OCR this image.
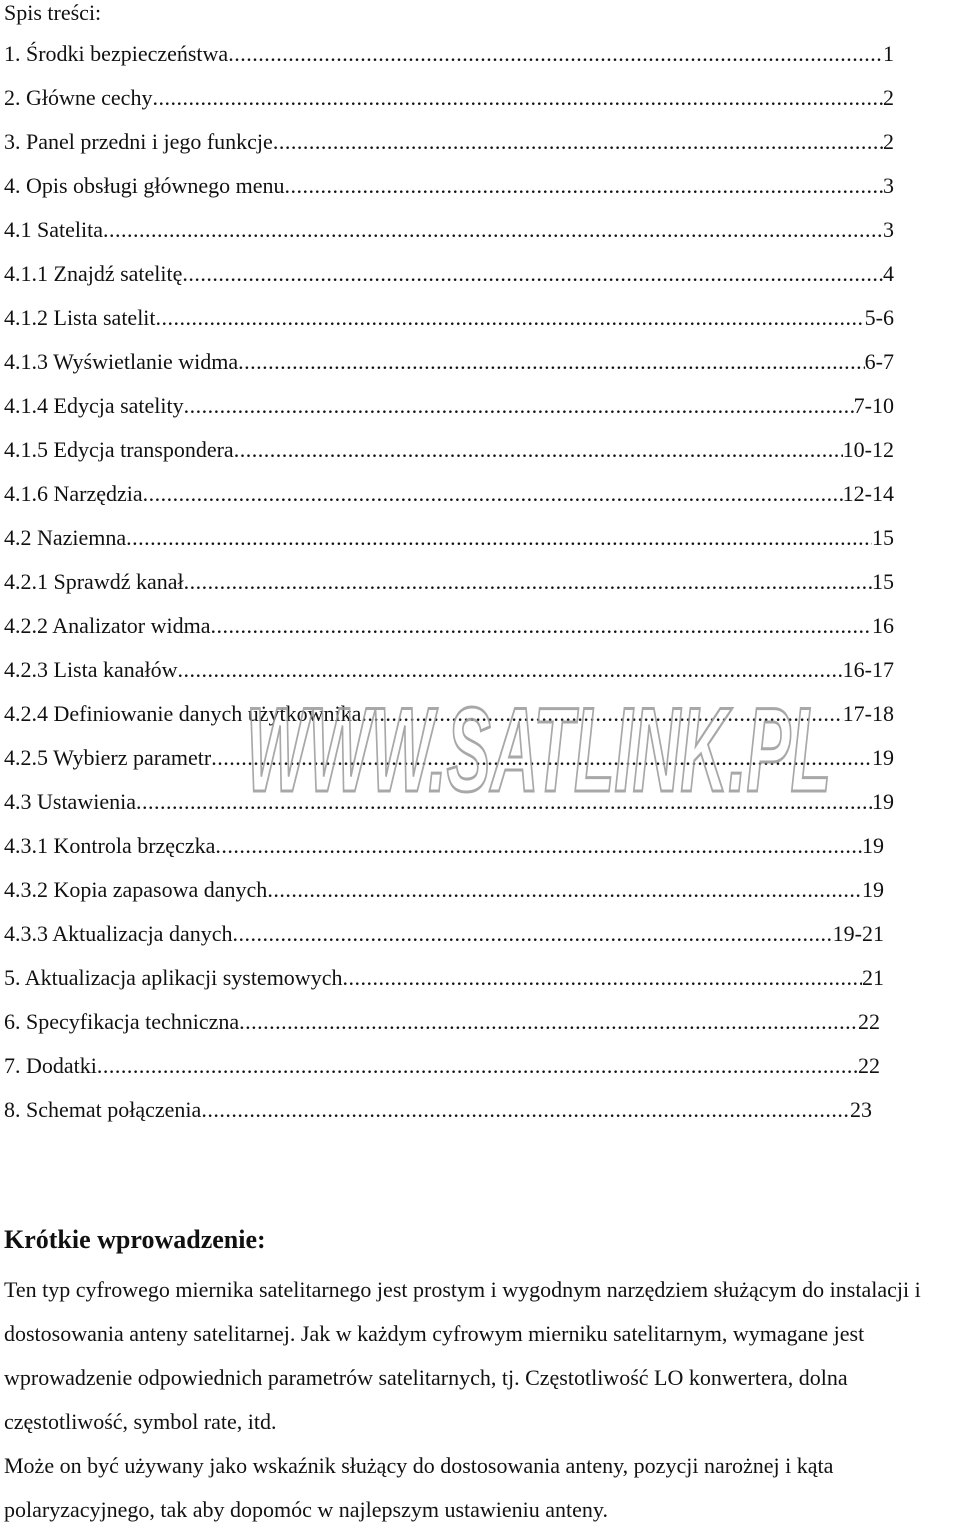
Spis treści:
1. Środki bezpieczeństwa .....	1
2. Główne cechy .....	2
3. Panel przedni i jego funkcje .....	2
4. Opis obsługi głównego menu .....	3
4.1 Satelita .....	3
4.1.1 Znajdź satelitę .....	4
4.1.2 Lista satelit .....	5-6
4.1.3 Wyświetlanie widma .....	6-7
4.1.4 Edycja satelity .....	7-10
4.1.5 Edycja transpondera .....	10-12
4.1.6 Narzędzia .....	12-14
4.2 Naziemna .....	15
4.2.1 Sprawdź kanał .....	15
4.2.2 Analizator widma .....	16
4.2.3 Lista kanałów .....	16-17
4.2.4 Definiowanie danych użytkownika .....	17-18
4.2.5 Wybierz parametr .....	19
4.3 Ustawienia .....	19
4.3.1 Kontrola brzęczka .....	19
4.3.2 Kopia zapasowa danych .....	19
4.3.3 Aktualizacja danych .....	19-21
5. Aktualizacja aplikacji systemowych .....	21
6. Specyfikacja techniczna .....	22
7. Dodatki .....	22
8. Schemat połączenia .....	23
WWW.SATLINK.PL
Krótkie wprowadzenie:

Ten typ cyfrowego miernika satelitarnego jest prostym i wygodnym narzędziem służącym do instalacji i dostosowania anteny satelitarnej. Jak w każdym cyfrowym mierniku satelitarnym, wymagane jest wprowadzenie odpowiednich parametrów satelitarnych, tj. Częstotliwość LO konwertera, dolna częstotliwość, symbol rate, itd.

Może on być używany jako wskaźnik służący do dostosowania anteny, pozycji narożnej i kąta polaryzacyjnego, tak aby dopomóc w najlepszym ustawieniu anteny.
